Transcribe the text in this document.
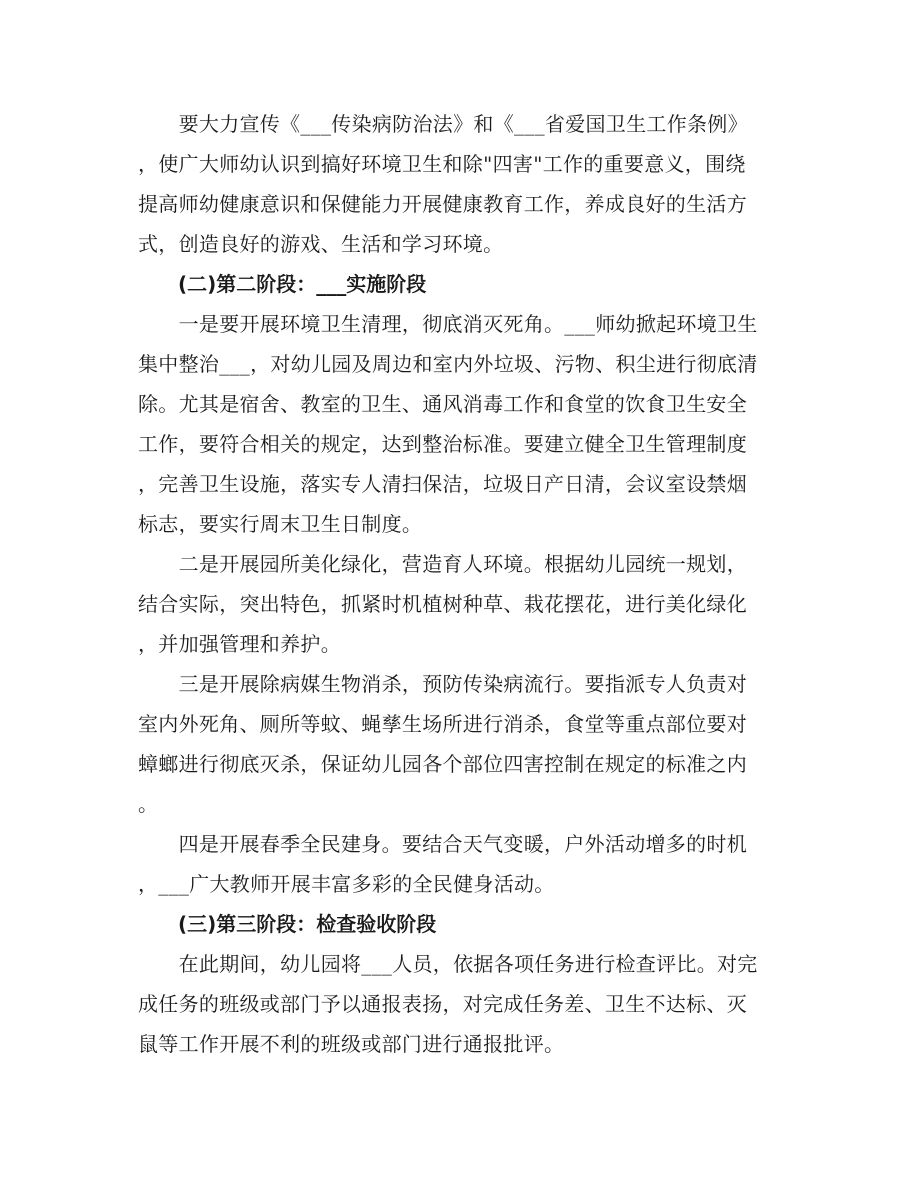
　　要大力宣传《___传染病防治法》和《___省爱国卫生工作条例》
，使广大师幼认识到搞好环境卫生和除"四害"工作的重要意义，围绕
提高师幼健康意识和保健能力开展健康教育工作，养成良好的生活方
式，创造良好的游戏、生活和学习环境。

　　(二)第二阶段：___实施阶段

　　一是要开展环境卫生清理，彻底消灭死角。___师幼掀起环境卫生
集中整治___，对幼儿园及周边和室内外垃圾、污物、积尘进行彻底清
除。尤其是宿舍、教室的卫生、通风消毒工作和食堂的饮食卫生安全
工作，要符合相关的规定，达到整治标准。要建立健全卫生管理制度
，完善卫生设施，落实专人清扫保洁，垃圾日产日清，会议室设禁烟
标志，要实行周末卫生日制度。

　　二是开展园所美化绿化，营造育人环境。根据幼儿园统一规划，
结合实际，突出特色，抓紧时机植树种草、栽花摆花，进行美化绿化
，并加强管理和养护。

　　三是开展除病媒生物消杀，预防传染病流行。要指派专人负责对
室内外死角、厕所等蚊、蝇孳生场所进行消杀，食堂等重点部位要对
蟑螂进行彻底灭杀，保证幼儿园各个部位四害控制在规定的标准之内
。

　　四是开展春季全民建身。要结合天气变暖，户外活动增多的时机
，___广大教师开展丰富多彩的全民健身活动。

　　(三)第三阶段：检查验收阶段

　　在此期间，幼儿园将___人员，依据各项任务进行检查评比。对完
成任务的班级或部门予以通报表扬，对完成任务差、卫生不达标、灭
鼠等工作开展不利的班级或部门进行通报批评。
